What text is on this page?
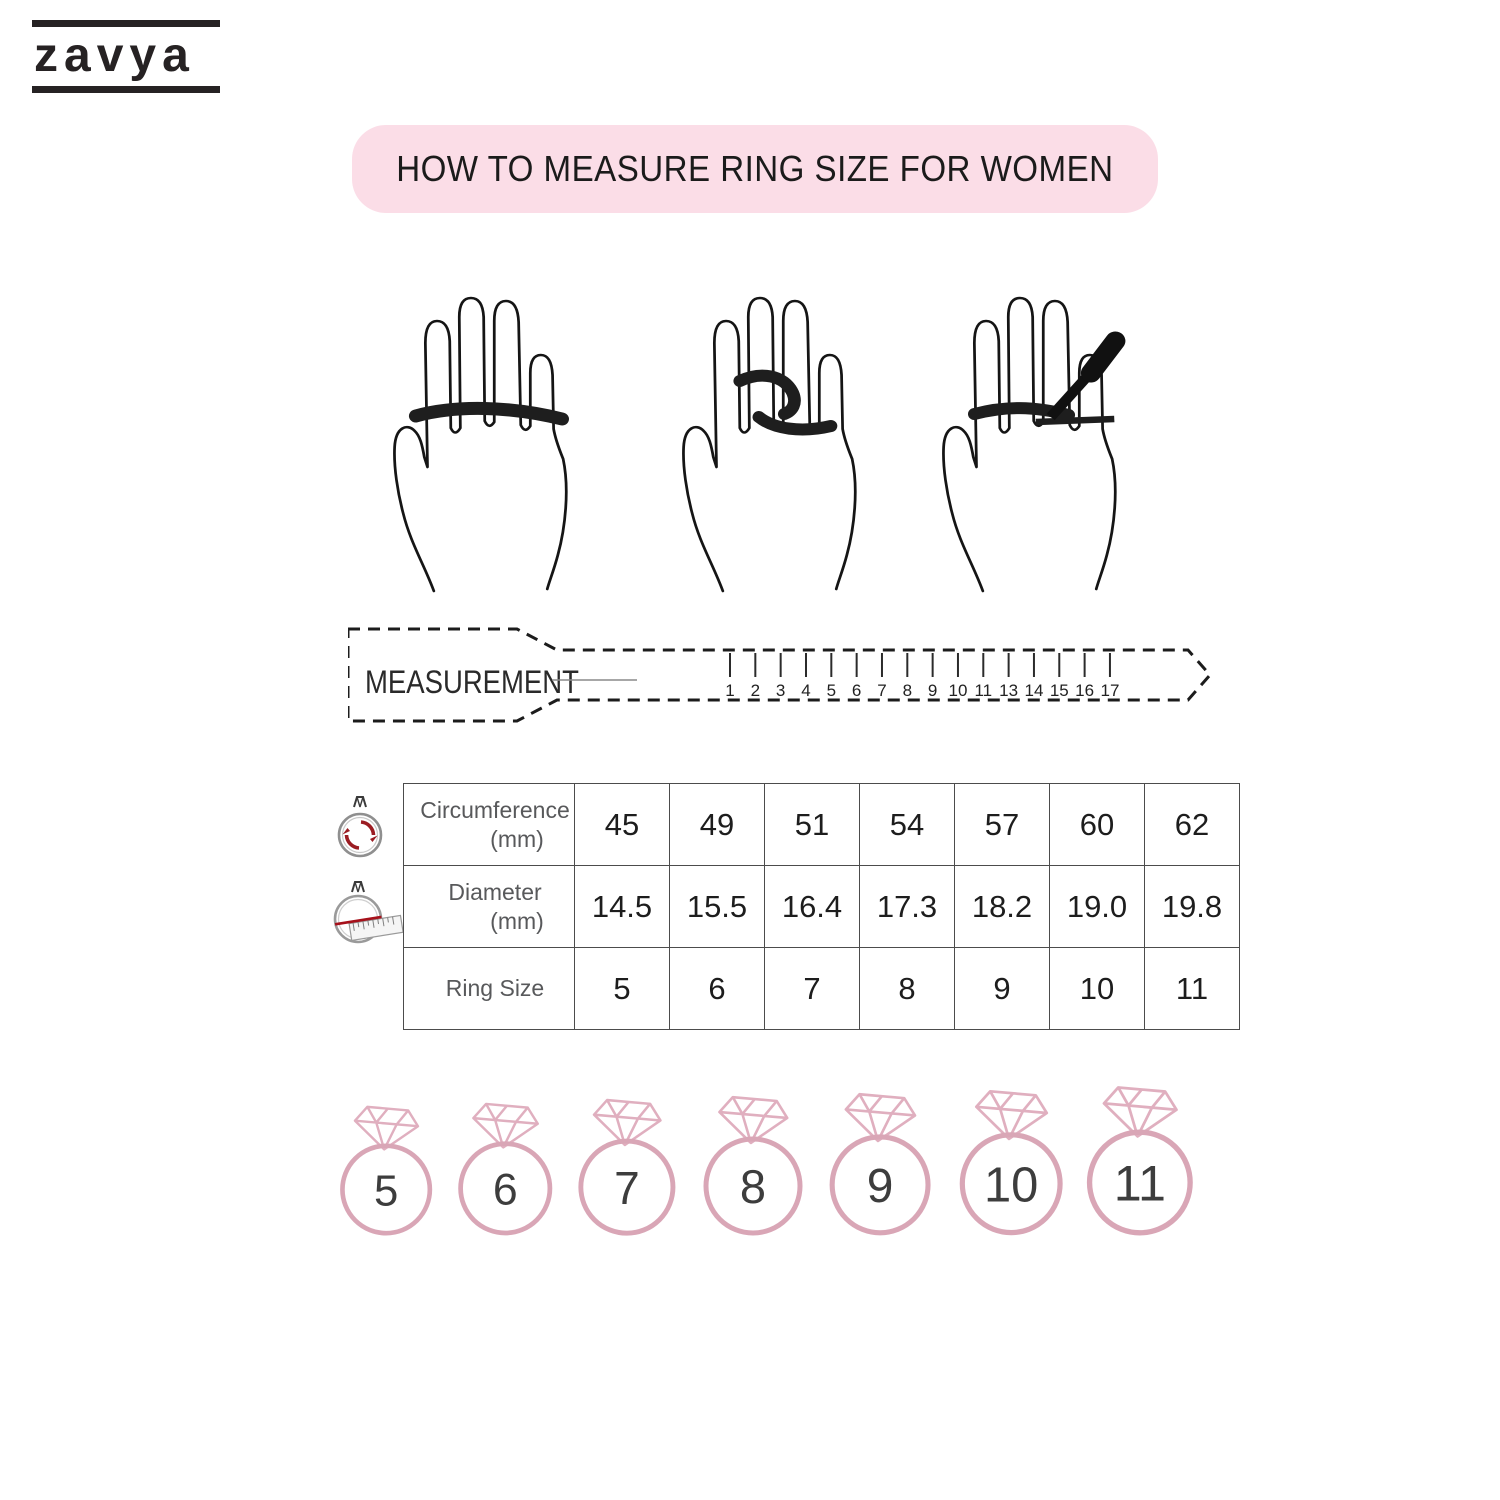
zavya
HOW TO MEASURE RING SIZE FOR WOMEN
MEASUREMENT	1 2 3 4 5 6 7 8 9 10 11 13 14 15 16 17
Circumference
(mm)	45	49	51	54	57	60	62

Diameter
(mm)	14.5	15.5	16.4	17.3	18.2	19.0	19.8

Ring Size	5	6	7	8	9	10	11
5 6 7 8 9 10 11
